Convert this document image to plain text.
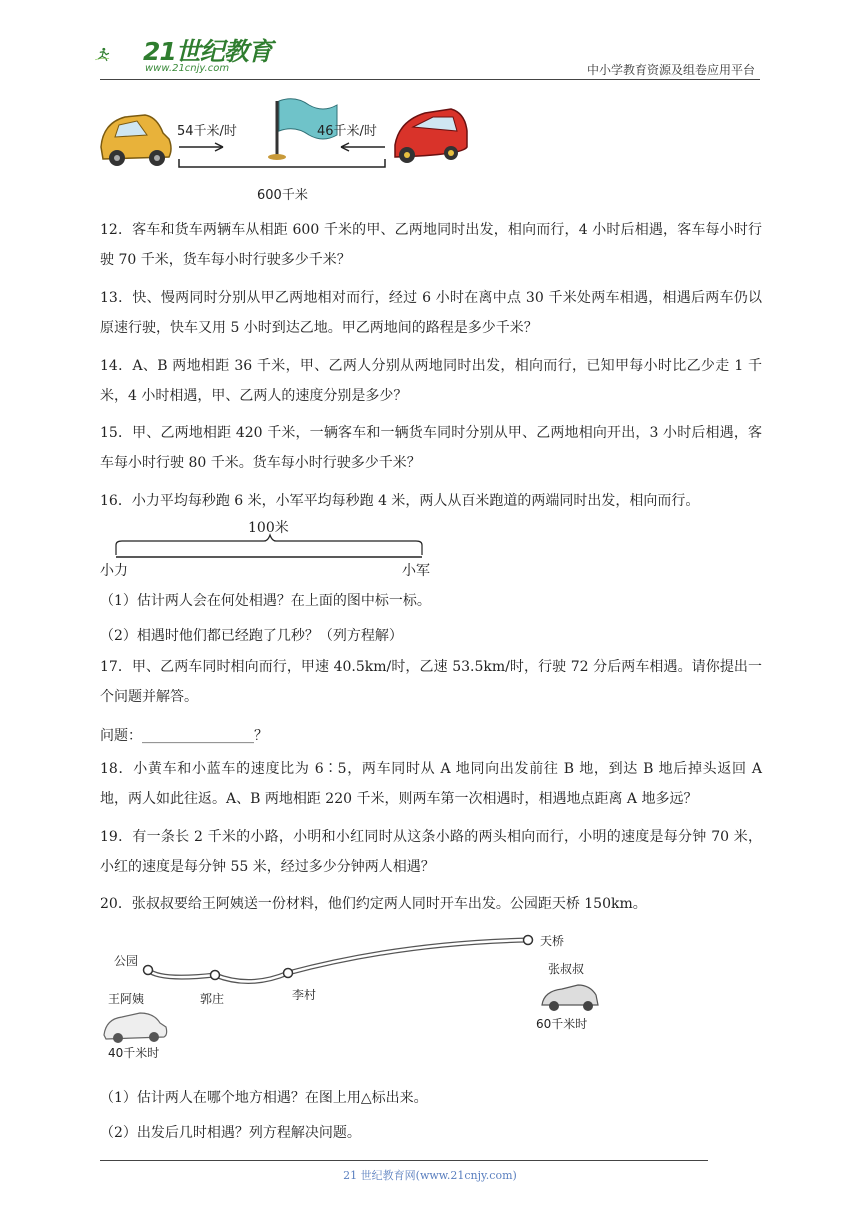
21世纪教育
www.21cnjy.com	中小学教育资源及组卷应用平台
54千米/时	46千米/时
600千米

12．客车和货车两辆车从相距 600 千米的甲、乙两地同时出发，相向而行，4 小时后相遇，客车每小时行驶 70 千米，货车每小时行驶多少千米？

13．快、慢两同时分别从甲乙两地相对而行，经过 6 小时在离中点 30 千米处两车相遇，相遇后两车仍以原速行驶，快车又用 5 小时到达乙地。甲乙两地间的路程是多少千米？

14．A、B 两地相距 36 千米，甲、乙两人分别从两地同时出发，相向而行，已知甲每小时比乙少走 1 千米，4 小时相遇，甲、乙两人的速度分别是多少？

15．甲、乙两地相距 420 千米，一辆客车和一辆货车同时分别从甲、乙两地相向开出，3 小时后相遇，客车每小时行驶 80 千米。货车每小时行驶多少千米？

16．小力平均每秒跑 6 米，小军平均每秒跑 4 米，两人从百米跑道的两端同时出发，相向而行。

100米
小力	小军
（1）估计两人会在何处相遇？在上面的图中标一标。
（2）相遇时他们都已经跑了几秒？（列方程解）

17．甲、乙两车同时相向而行，甲速 40.5km/时，乙速 53.5km/时，行驶 72 分后两车相遇。请你提出一个问题并解答。

问题：________________？

18．小黄车和小蓝车的速度比为 6∶5，两车同时从 A 地同向出发前往 B 地，到达 B 地后掉头返回 A 地，两人如此往返。A、B 两地相距 220 千米，则两车第一次相遇时，相遇地点距离 A 地多远？

19．有一条长 2 千米的小路，小明和小红同时从这条小路的两头相向而行，小明的速度是每分钟 70 米，小红的速度是每分钟 55 米，经过多少分钟两人相遇？

20．张叔叔要给王阿姨送一份材料，他们约定两人同时开车出发。公园距天桥 150km。

公园
郭庄	李村
天桥
王阿姨
40千米时
张叔叔
60千米时
（1）估计两人在哪个地方相遇？在图上用△标出来。
（2）出发后几时相遇？列方程解决问题。
21 世纪教育网(www.21cnjy.com)
